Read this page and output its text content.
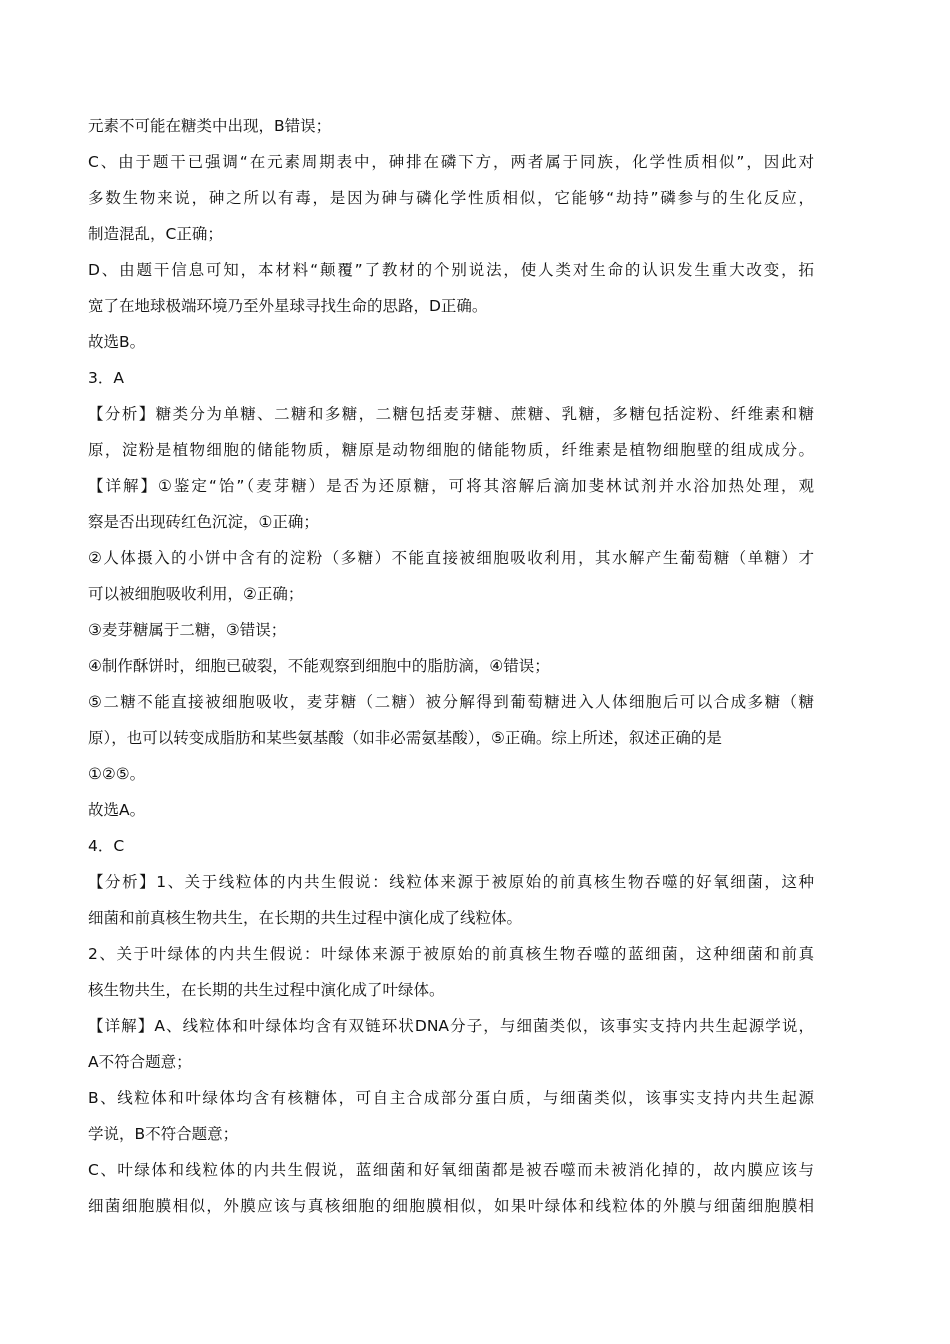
元素不可能在糖类中出现，B错误；
C、由于题干已强调“在元素周期表中，砷排在磷下方，两者属于同族，化学性质相似”，因此对
多数生物来说，砷之所以有毒，是因为砷与磷化学性质相似，它能够“劫持”磷参与的生化反应，
制造混乱，C正确；
D、由题干信息可知，本材料“颠覆”了教材的个别说法，使人类对生命的认识发生重大改变，拓
宽了在地球极端环境乃至外星球寻找生命的思路，D正确。
故选B。
3．A
【分析】糖类分为单糖、二糖和多糖，二糖包括麦芽糖、蔗糖、乳糖，多糖包括淀粉、纤维素和糖
原，淀粉是植物细胞的储能物质，糖原是动物细胞的储能物质，纤维素是植物细胞壁的组成成分。
【详解】①鉴定“饴”（麦芽糖）是否为还原糖，可将其溶解后滴加斐林试剂并水浴加热处理，观
察是否出现砖红色沉淀，①正确；
②人体摄入的小饼中含有的淀粉（多糖）不能直接被细胞吸收利用，其水解产生葡萄糖（单糖）才
可以被细胞吸收利用，②正确；
③麦芽糖属于二糖，③错误；
④制作酥饼时，细胞已破裂，不能观察到细胞中的脂肪滴，④错误；
⑤二糖不能直接被细胞吸收，麦芽糖（二糖）被分解得到葡萄糖进入人体细胞后可以合成多糖（糖
原），也可以转变成脂肪和某些氨基酸（如非必需氨基酸），⑤正确。综上所述，叙述正确的是
①②⑤。
故选A。
4．C
【分析】1、关于线粒体的内共生假说：线粒体来源于被原始的前真核生物吞噬的好氧细菌，这种
细菌和前真核生物共生，在长期的共生过程中演化成了线粒体。
2、关于叶绿体的内共生假说：叶绿体来源于被原始的前真核生物吞噬的蓝细菌，这种细菌和前真
核生物共生，在长期的共生过程中演化成了叶绿体。
【详解】A、线粒体和叶绿体均含有双链环状DNA分子，与细菌类似，该事实支持内共生起源学说，
A不符合题意；
B、线粒体和叶绿体均含有核糖体，可自主合成部分蛋白质，与细菌类似，该事实支持内共生起源
学说，B不符合题意；
C、叶绿体和线粒体的内共生假说，蓝细菌和好氧细菌都是被吞噬而未被消化掉的，故内膜应该与
细菌细胞膜相似，外膜应该与真核细胞的细胞膜相似，如果叶绿体和线粒体的外膜与细菌细胞膜相
